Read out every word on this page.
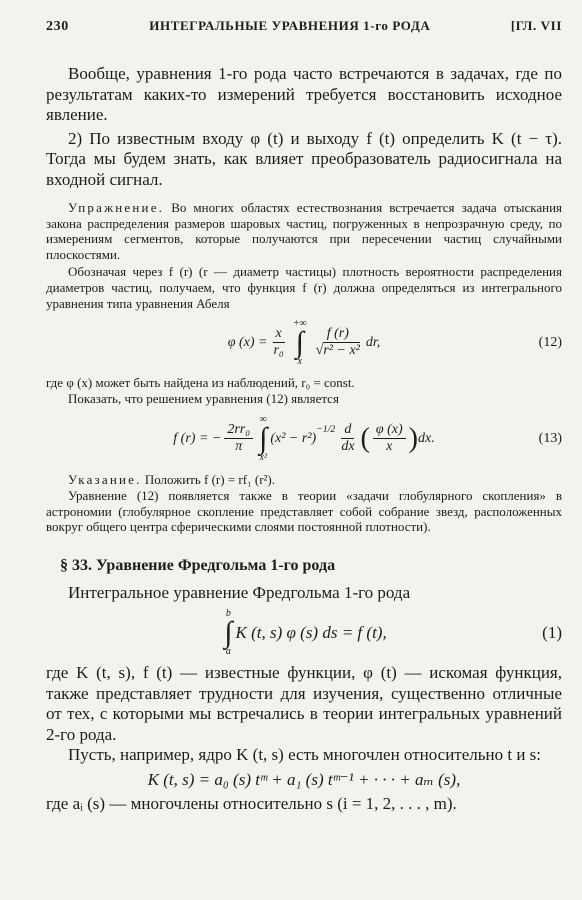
230	ИНТЕГРАЛЬНЫЕ УРАВНЕНИЯ 1-го РОДА	[ГЛ. VII

Вообще, уравнения 1-го рода часто встречаются в задачах, где по результатам каких-то измерений требуется восстановить исходное явление.

2) По известным входу φ (t) и выходу f (t) определить K (t − τ). Тогда мы будем знать, как влияет преобразователь радиосигнала на входной сигнал.

Упражнение. Во многих областях естествознания встречается задача отыскания закона распределения размеров шаровых частиц, погруженных в непрозрачную среду, по измерениям сегментов, которые получаются при пересечении частиц случайными плоскостями.

Обозначая через f (r) (r — диаметр частицы) плотность вероятности распределения диаметров частиц, получаем, что функция f (r) должна определяться из интегрального уравнения типа уравнения Абеля

φ $(x) = \frac{x}{\text{r₀}}$
+∞
∫
x
$\frac{f (r)}{\text{√r² − x²}}$ dr,	(12)

где φ (x) может быть найдена из наблюдений, r₀ = const.

Показать, что решением уравнения (12) является

f (r) = − $\frac{\text{2rr₀}}{\pi}$
∞
∫
x²
(x² − r²)
$^{-1/2} \frac{d}{dx}$ ( $\frac{\varphi (x)}{x}$ ) dx.	(13)

Указание. Положить f (r) = rf₁ (r²).

Уравнение (12) появляется также в теории «задачи глобулярного скопления» в астрономии (глобулярное скопление представляет собой собрание звезд, расположенных вокруг общего центра сферическими слоями постоянной плотности).

§ 33. Уравнение Фредгольма 1-го рода

Интегральное уравнение Фредгольма 1-го рода

b
∫
a
K (t, s) φ (s) ds = f (t),	(1)

где K (t, s), f (t) — известные функции, φ (t) — искомая функция, также представляет трудности для изучения, существенно отличные от тех, с которыми мы встречались в теории интегральных уравнений 2-го рода.

Пусть, например, ядро K (t, s) есть многочлен относительно t и s:

K (t, s) = a₀ (s) tᵐ + a₁ (s) tᵐ⁻¹ + · · · + aₘ (s),

где aᵢ (s) — многочлены относительно s (i = 1, 2, . . . , m).
